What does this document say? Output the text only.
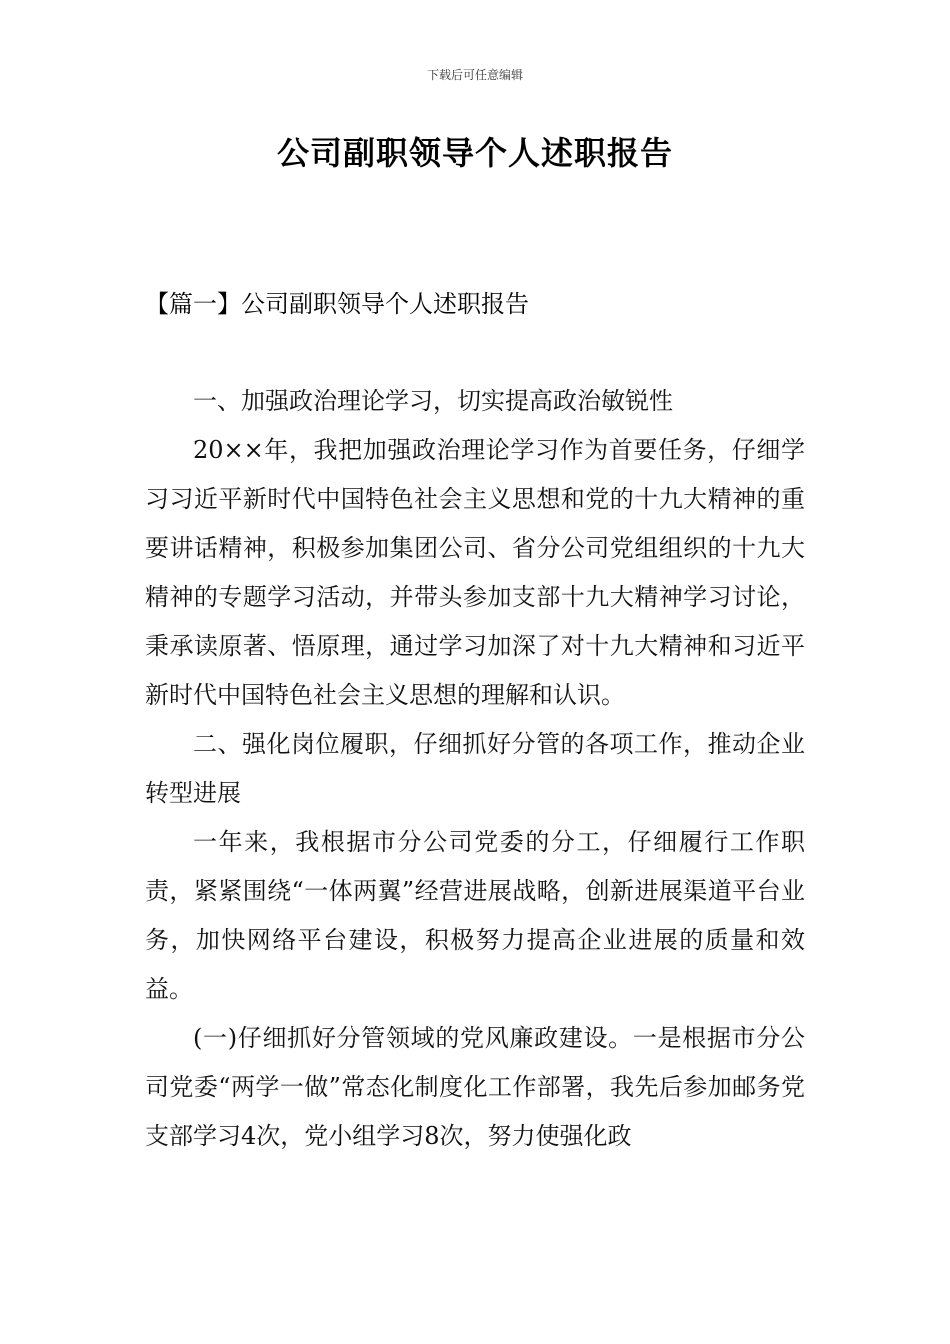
下载后可任意编辑
公司副职领导个人述职报告
【篇一】公司副职领导个人述职报告

一、加强政治理论学习，切实提高政治敏锐性

20××年，我把加强政治理论学习作为首要任务，仔细学习习近平新时代中国特色社会主义思想和党的十九大精神的重要讲话精神，积极参加集团公司、省分公司党组组织的十九大精神的专题学习活动，并带头参加支部十九大精神学习讨论，秉承读原著、悟原理，通过学习加深了对十九大精神和习近平新时代中国特色社会主义思想的理解和认识。

二、强化岗位履职，仔细抓好分管的各项工作，推动企业转型进展

一年来，我根据市分公司党委的分工，仔细履行工作职责，紧紧围绕“一体两翼”经营进展战略，创新进展渠道平台业务，加快网络平台建设，积极努力提高企业进展的质量和效益。

(一)仔细抓好分管领域的党风廉政建设。一是根据市分公司党委“两学一做”常态化制度化工作部署，我先后参加邮务党支部学习4次，党小组学习8次，努力使强化政
